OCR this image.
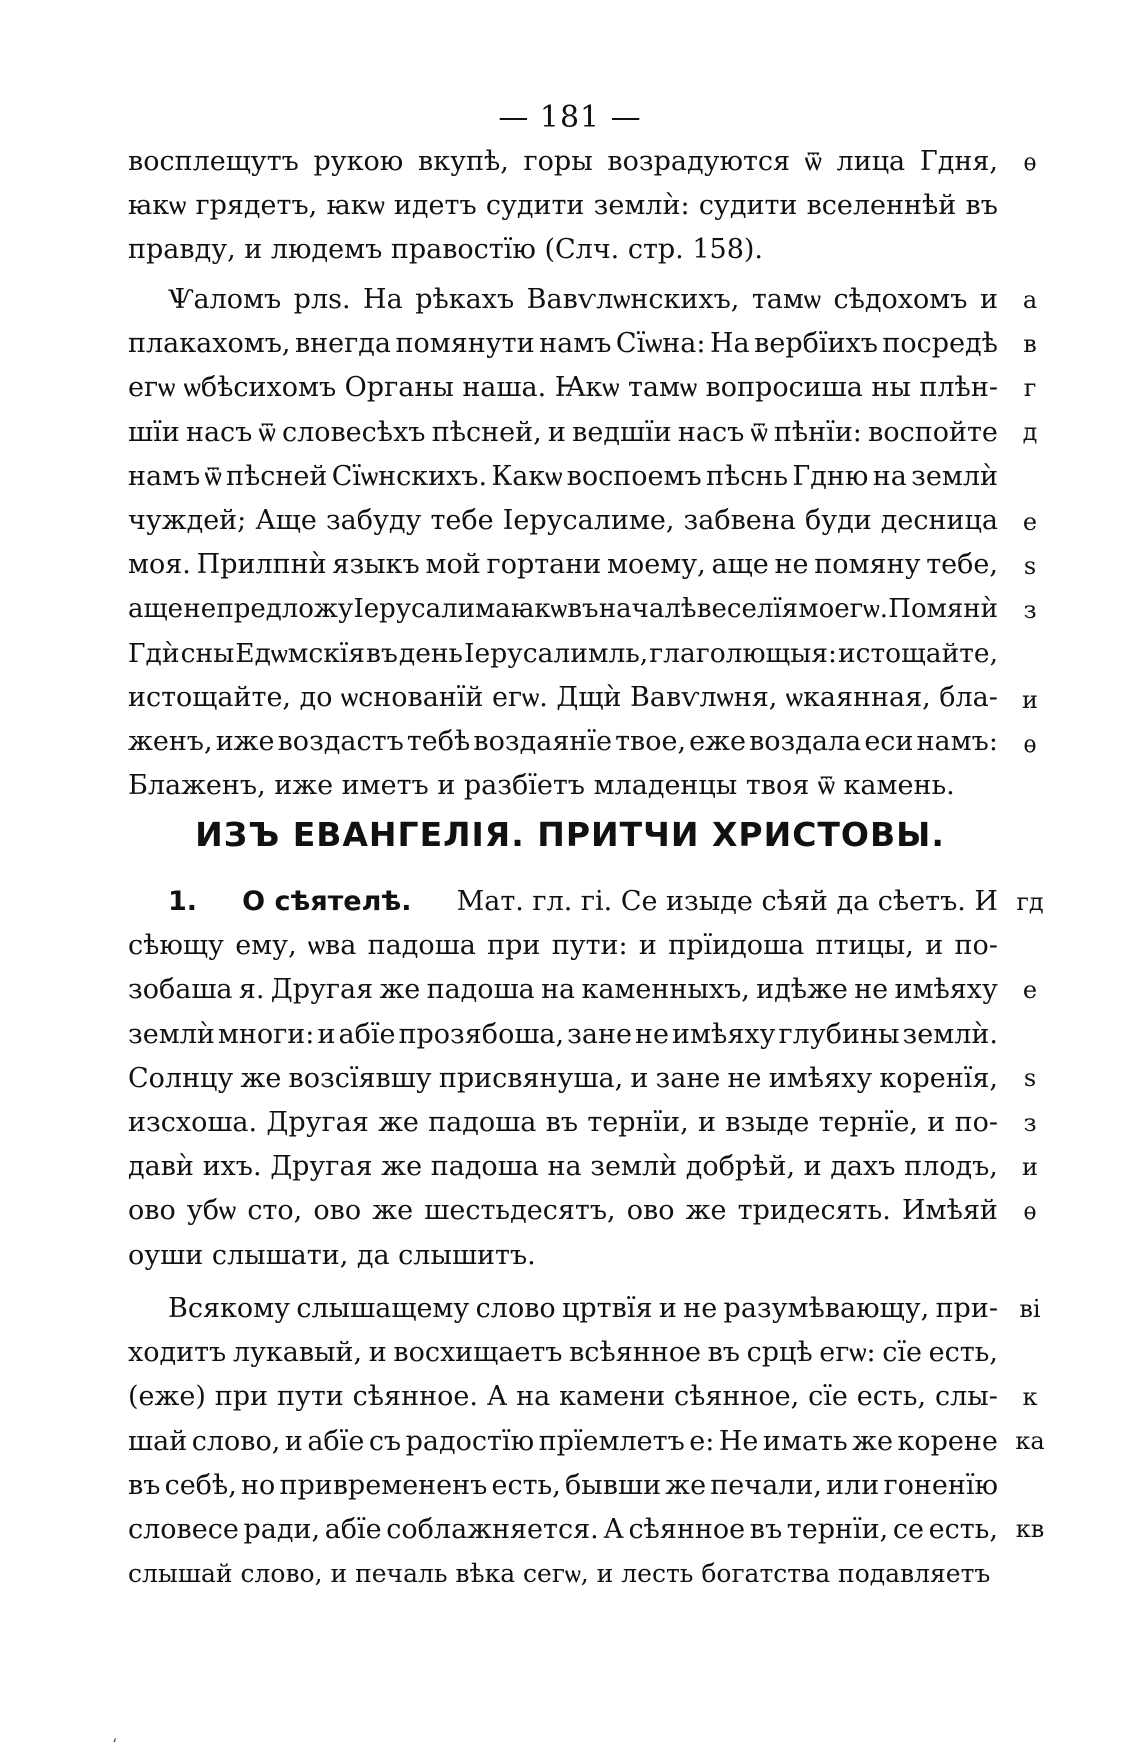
— 181 —
восплещутъ рукою вкупѣ, горы возрадуются ѿ лица Гдня,
ꙗкѡ грядетъ, ꙗкѡ идетъ судити землѝ: судити вселеннѣй въ
правду, и людемъ правостїю (Слч. стр. 158).
Ѱаломъ рлѕ. На рѣкахъ Вавѵлѡнскихъ, тамѡ сѣдохомъ и
плакахомъ, внегда помянути намъ Сїѡна: На вербїихъ посредѣ
егѡ ѡбѣсихомъ Органы наша. Ꙗкѡ тамѡ вопросиша ны плѣн-
шїи насъ ѿ словесѣхъ пѣсней, и ведшїи насъ ѿ пѣнїи: воспойте
намъ ѿ пѣсней Сїѡнскихъ. Какѡ воспоемъ пѣснь Гдню на землѝ
чуждей; Аще забуду тебе Іерусалиме, забвена буди десница
моя. Прилпнѝ языкъ мой гортани моему, аще не помяну тебе,
аще не предложу Іерусалима ꙗкѡ въ началѣ веселїя моегѡ. Помянѝ
Гдѝ сны Едѡмскїя въ день Іерусалимль, глаголющыя: истощайте,
истощайте, до ѡснованїй егѡ. Дщѝ Вавѵлѡня, ѡкаянная, бла-
женъ, иже воздастъ тебѣ воздаянїе твое, еже воздала еси намъ:
Блаженъ, иже иметъ и разбїетъ младенцы твоя ѿ камень.
ѳ
а
в
г
д
е
ѕ
з
и
ѳ
ИЗЪ ЕВАНГЕЛІЯ. ПРИТЧИ ХРИСТОВЫ.
1. О сѣятелѣ. Мат. гл. гі. Се изыде сѣяй да сѣетъ. И
сѣющу ему, ѡва падоша при пути: и прїидоша птицы, и по-
зобаша я. Другая же падоша на каменныхъ, идѣже не имѣяху
землѝ многи: и абїе прозябоша, зане не имѣяху глубины землѝ.
Солнцу же возсїявшу присвянуша, и зане не имѣяху коренїя,
изсхоша. Другая же падоша въ тернїи, и взыде тернїе, и по-
давѝ ихъ. Другая же падоша на землѝ добрѣй, и дахъ плодъ,
ово убѡ сто, ово же шестьдесятъ, ово же тридесять. Имѣяй
оуши слышати, да слышитъ.
Всякому слышащему слово цртвїя и не разумѣвающу, при-
ходитъ лукавый, и восхищаетъ всѣянное въ срцѣ егѡ: сїе есть,
(еже) при пути сѣянное. А на камени сѣянное, сїе есть, слы-
шай слово, и абїе съ радостїю прїемлетъ е: Не имать же корене
въ себѣ, но привремененъ есть, бывши же печали, или гоненїю
словесе ради, абїе соблажняется. А сѣянное въ тернїи, се есть,
слышай слово, и печаль вѣка сегѡ, и лесть богатства подавляетъ
гд
е
ѕ
з
и
ѳ
ві
к
ка
кв
‘
